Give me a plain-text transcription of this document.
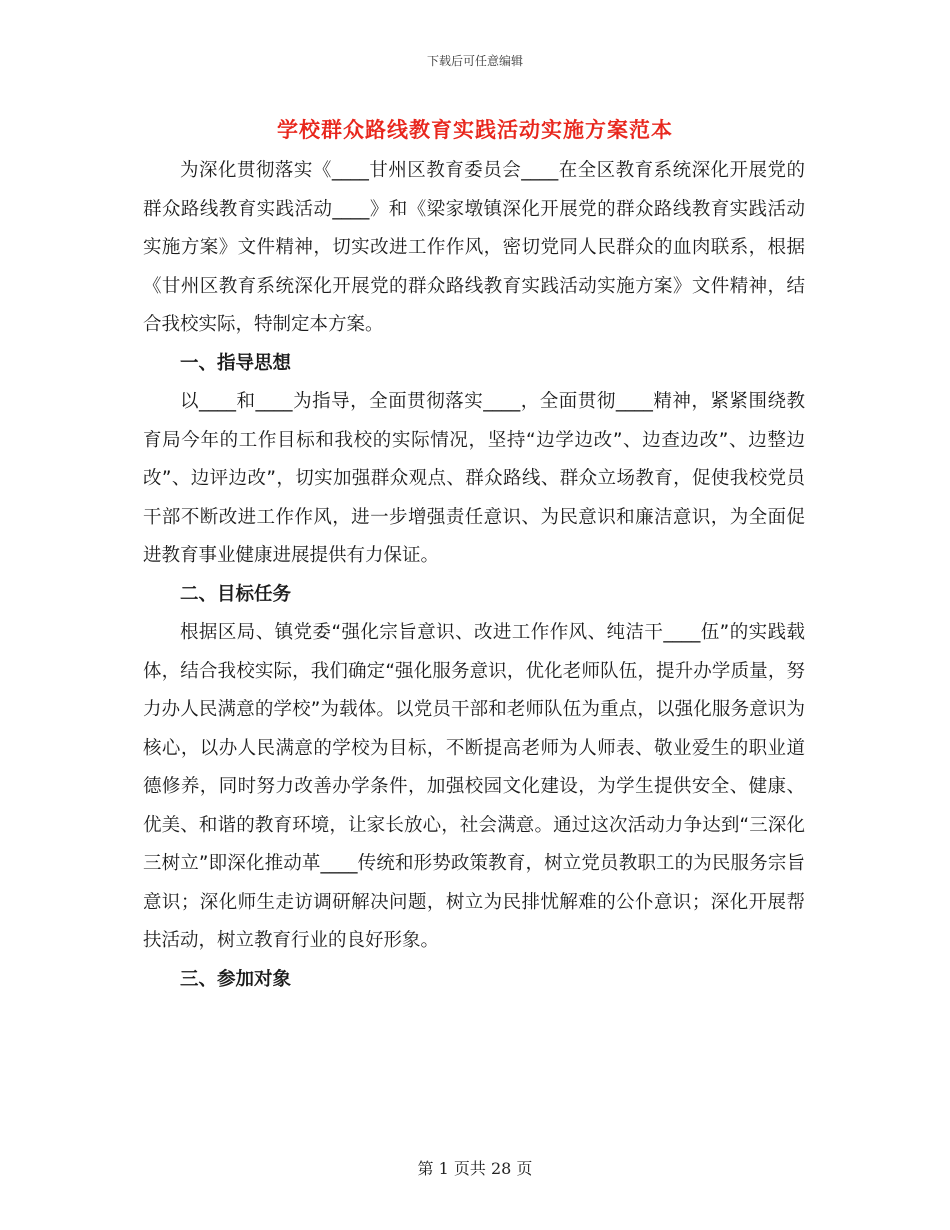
下载后可任意编辑
学校群众路线教育实践活动实施方案范本

为深化贯彻落实《____甘州区教育委员会____在全区教育系统深化开展党的群众路线教育实践活动____》和《梁家墩镇深化开展党的群众路线教育实践活动实施方案》文件精神，切实改进工作作风，密切党同人民群众的血肉联系，根据《甘州区教育系统深化开展党的群众路线教育实践活动实施方案》文件精神，结合我校实际，特制定本方案。

一、指导思想

以____和____为指导，全面贯彻落实____，全面贯彻____精神，紧紧围绕教育局今年的工作目标和我校的实际情况，坚持“边学边改”、边查边改”、边整边改”、边评边改”，切实加强群众观点、群众路线、群众立场教育，促使我校党员干部不断改进工作作风，进一步增强责任意识、为民意识和廉洁意识，为全面促进教育事业健康进展提供有力保证。

二、目标任务

根据区局、镇党委“强化宗旨意识、改进工作作风、纯洁干____伍”的实践载体，结合我校实际，我们确定“强化服务意识，优化老师队伍，提升办学质量，努力办人民满意的学校”为载体。以党员干部和老师队伍为重点，以强化服务意识为核心，以办人民满意的学校为目标，不断提高老师为人师表、敬业爱生的职业道德修养，同时努力改善办学条件，加强校园文化建设，为学生提供安全、健康、优美、和谐的教育环境，让家长放心，社会满意。通过这次活动力争达到“三深化三树立”即深化推动革____传统和形势政策教育，树立党员教职工的为民服务宗旨意识；深化师生走访调研解决问题，树立为民排忧解难的公仆意识；深化开展帮扶活动，树立教育行业的良好形象。

三、参加对象

第 1 页共 28 页
